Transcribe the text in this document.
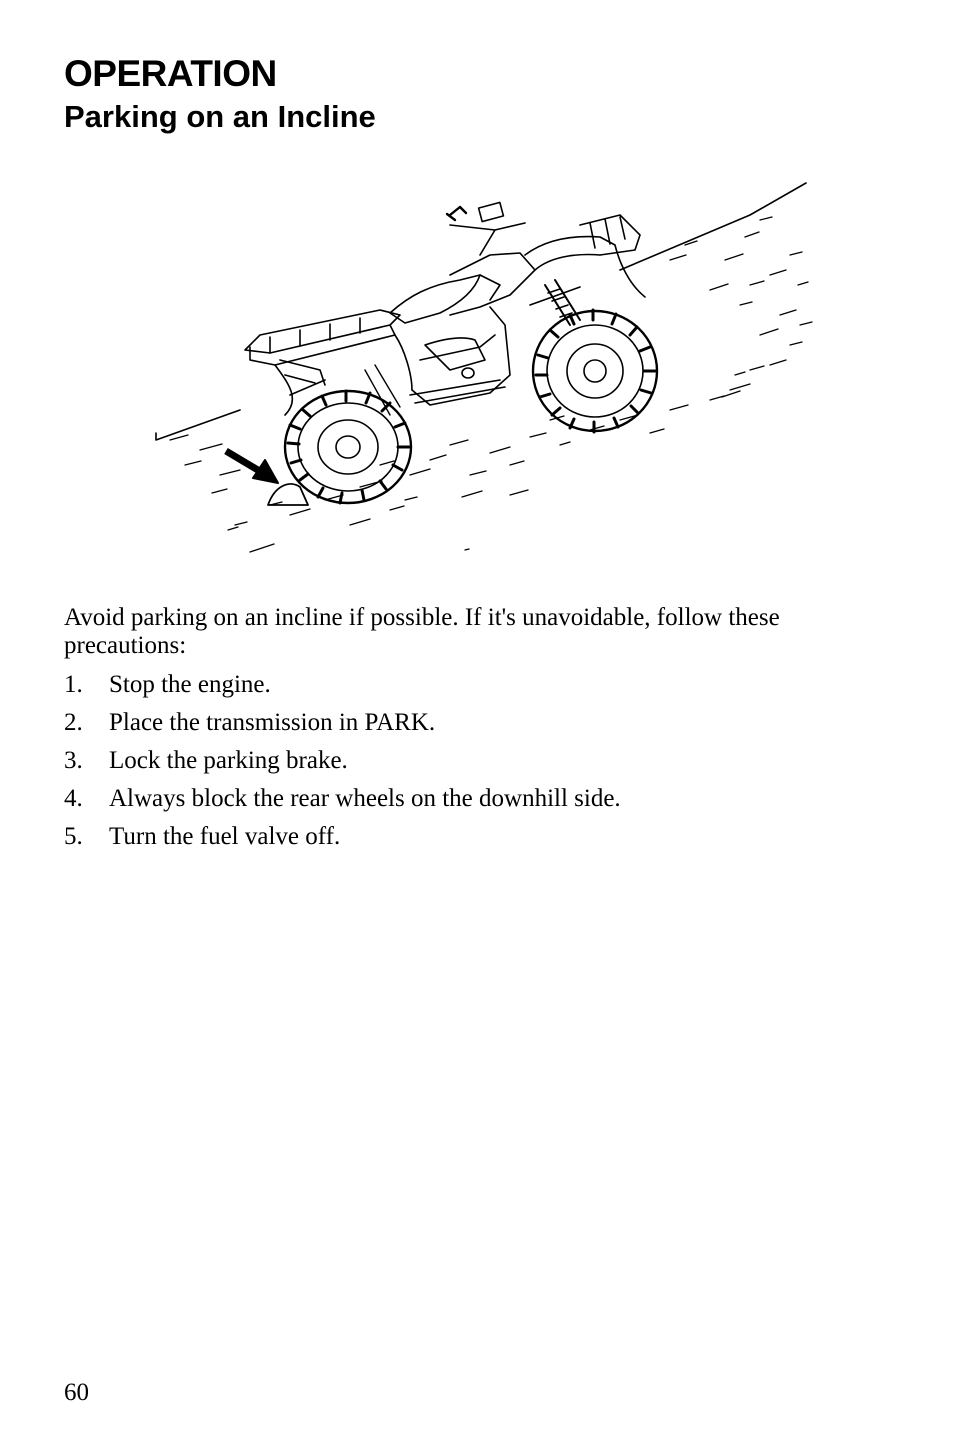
OPERATION
Parking on an Incline

Avoid parking on an incline if possible. If it's unavoidable, follow these precautions:

1.	Stop the engine.
2.	Place the transmission in PARK.
3.	Lock the parking brake.
4.	Always block the rear wheels on the downhill side.
5.	Turn the fuel valve off.
60
